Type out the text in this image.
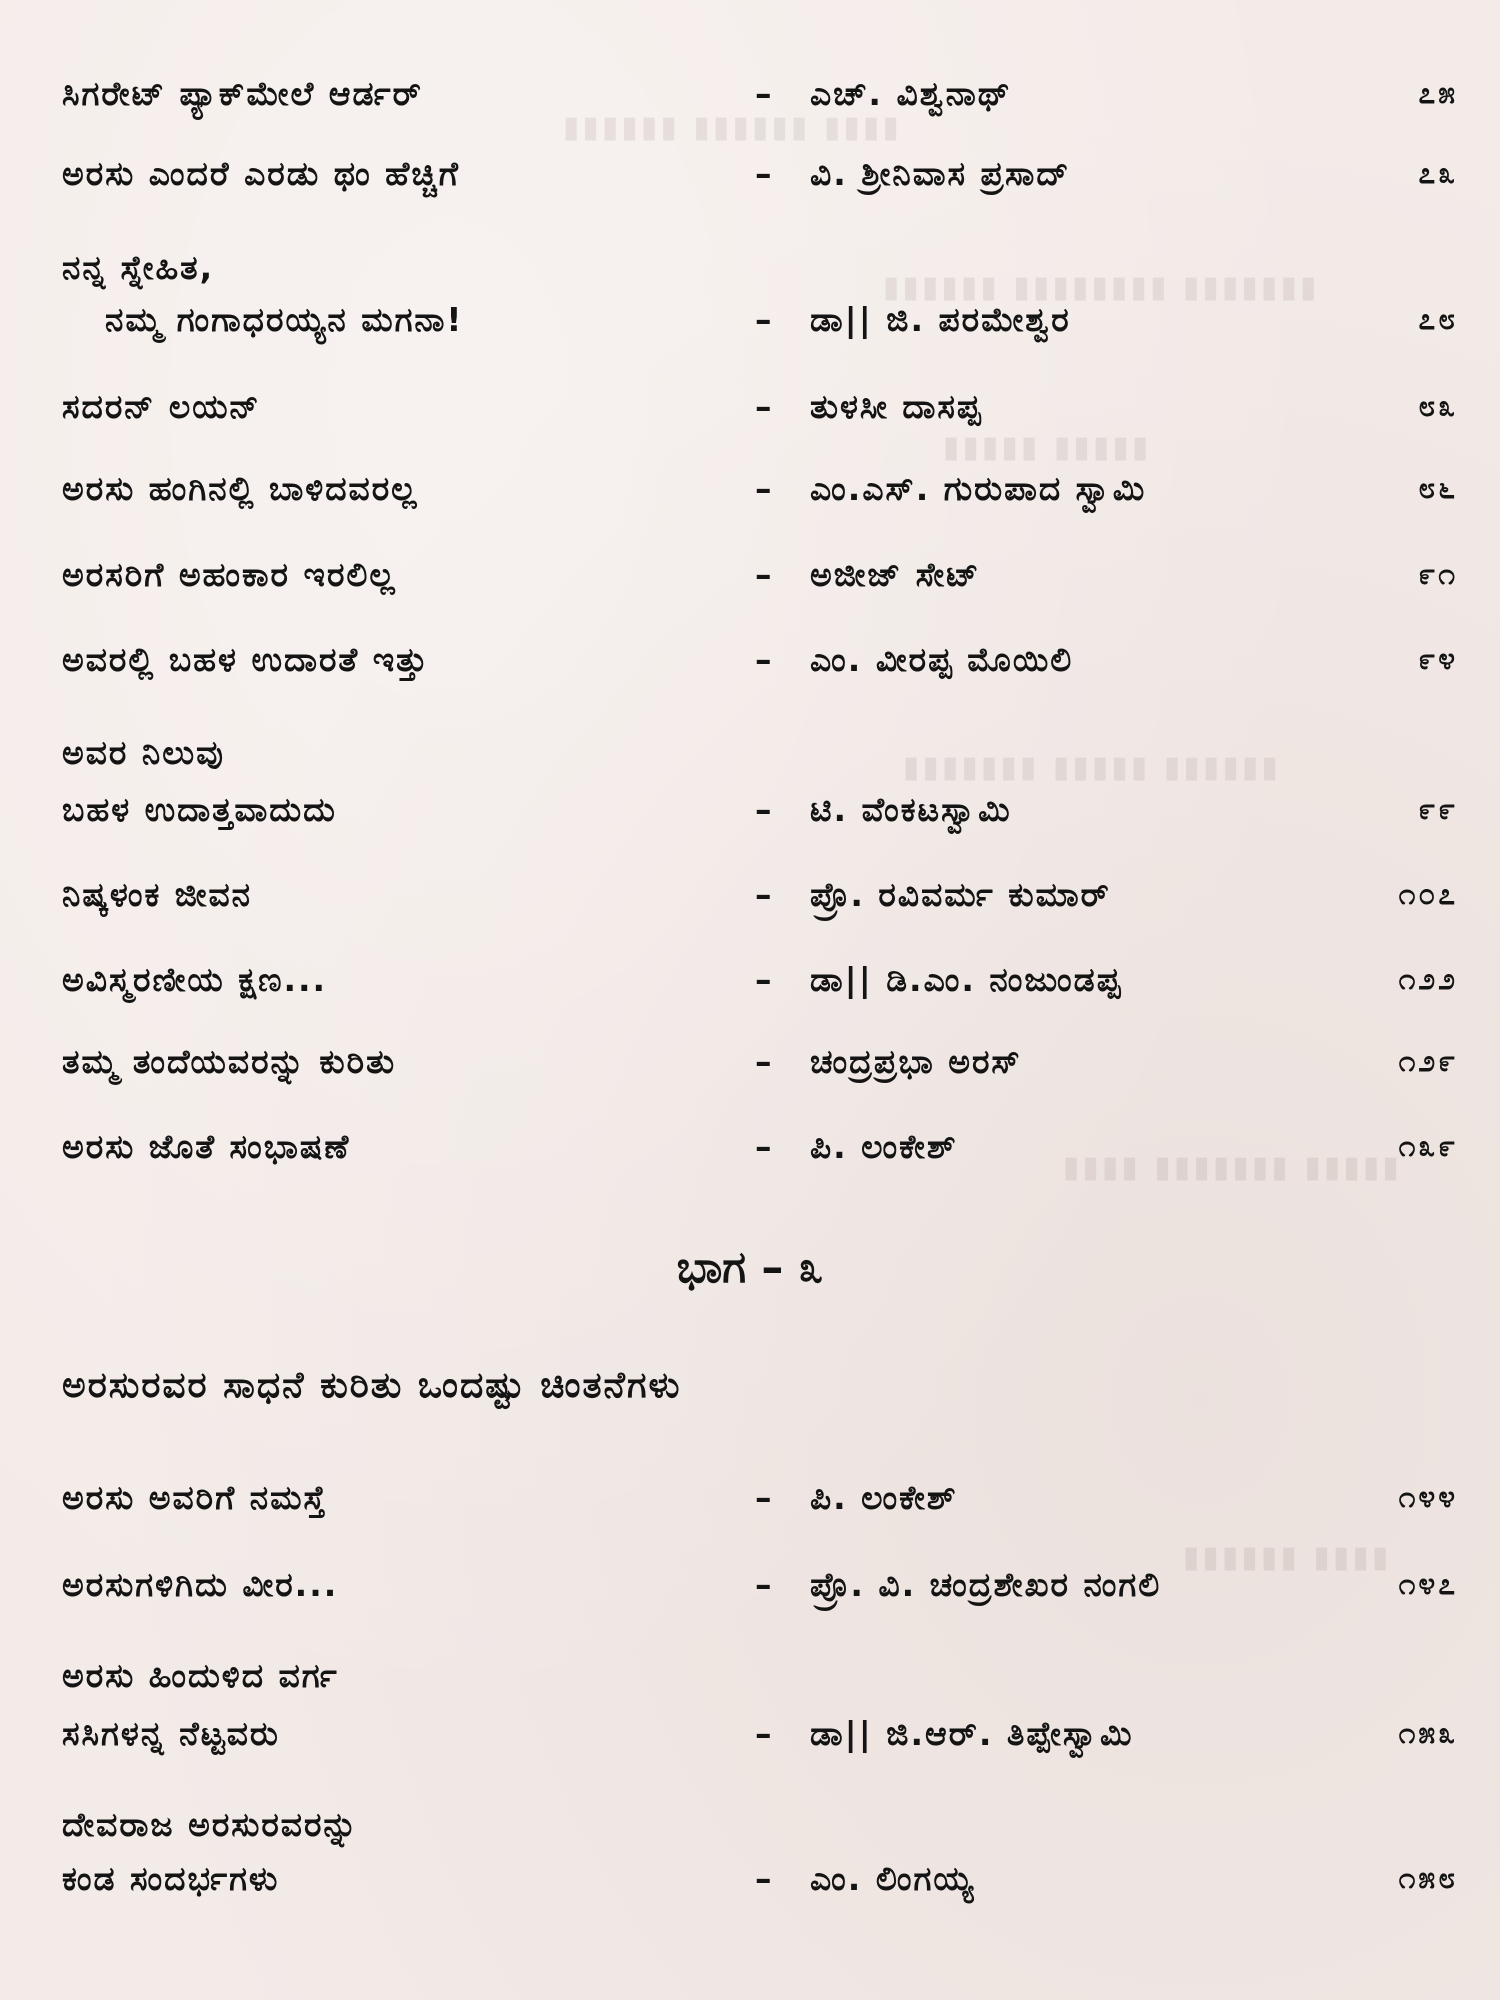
▮▮▮▮ ▮▮▮▮▮▮ ▮▮▮▮▮▮
▮▮▮▮▮▮▮ ▮▮▮▮▮▮▮▮ ▮▮▮▮▮▮
▮▮▮▮▮ ▮▮▮▮▮
▮▮▮▮▮▮ ▮▮▮▮▮ ▮▮▮▮▮▮▮
▮▮▮▮▮ ▮▮▮▮▮▮▮ ▮▮▮▮
▮▮▮▮ ▮▮▮▮▮▮
ಸಿಗರೇಟ್ ಪ್ಯಾಕ್‌ಮೇಲೆ ಆರ್ಡರ್	– ಎಚ್. ವಿಶ್ವನಾಥ್	೭೫
ಅರಸು ಎಂದರೆ ಎರಡು ಥಂ ಹೆಚ್ಚಿಗೆ	– ವಿ. ಶ್ರೀನಿವಾಸ ಪ್ರಸಾದ್	೭೩
ನನ್ನ ಸ್ನೇಹಿತ,
ನಮ್ಮ ಗಂಗಾಧರಯ್ಯನ ಮಗನಾ!	– ಡಾ|| ಜಿ. ಪರಮೇಶ್ವರ	೭೮
ಸದರನ್ ಲಯನ್	– ತುಳಸೀ ದಾಸಪ್ಪ	೮೩
ಅರಸು ಹಂಗಿನಲ್ಲಿ ಬಾಳಿದವರಲ್ಲ	– ಎಂ.ಎಸ್. ಗುರುಪಾದ ಸ್ವಾಮಿ	೮೬
ಅರಸರಿಗೆ ಅಹಂಕಾರ ಇರಲಿಲ್ಲ	– ಅಜೀಜ್ ಸೇಟ್	೯೧
ಅವರಲ್ಲಿ ಬಹಳ ಉದಾರತೆ ಇತ್ತು	– ಎಂ. ವೀರಪ್ಪ ಮೊಯಿಲಿ	೯೪
ಅವರ ನಿಲುವು
ಬಹಳ ಉದಾತ್ತವಾದುದು	– ಟಿ. ವೆಂಕಟಸ್ವಾಮಿ	೯೯
ನಿಷ್ಕಳಂಕ ಜೀವನ	– ಪ್ರೊ. ರವಿವರ್ಮ ಕುಮಾರ್	೧೦೭
ಅವಿಸ್ಮರಣೀಯ ಕ್ಷಣ...	– ಡಾ|| ಡಿ.ಎಂ. ನಂಜುಂಡಪ್ಪ	೧೨೨
ತಮ್ಮ ತಂದೆಯವರನ್ನು ಕುರಿತು	– ಚಂದ್ರಪ್ರಭಾ ಅರಸ್	೧೨೯
ಅರಸು ಜೊತೆ ಸಂಭಾಷಣೆ	– ಪಿ. ಲಂಕೇಶ್	೧೩೯
ಭಾಗ – ೩
ಅರಸುರವರ ಸಾಧನೆ ಕುರಿತು ಒಂದಷ್ಟು ಚಿಂತನೆಗಳು
ಅರಸು ಅವರಿಗೆ ನಮಸ್ತೆ	– ಪಿ. ಲಂಕೇಶ್	೧೪೪
ಅರಸುಗಳಿಗಿದು ವೀರ...	– ಪ್ರೊ. ವಿ. ಚಂದ್ರಶೇಖರ ನಂಗಲಿ	೧೪೭
ಅರಸು ಹಿಂದುಳಿದ ವರ್ಗ
ಸಸಿಗಳನ್ನ ನೆಟ್ಟವರು	– ಡಾ|| ಜಿ.ಆರ್. ತಿಪ್ಪೇಸ್ವಾಮಿ	೧೫೩
ದೇವರಾಜ ಅರಸುರವರನ್ನು
ಕಂಡ ಸಂದರ್ಭಗಳು	– ಎಂ. ಲಿಂಗಯ್ಯ	೧೫೮
